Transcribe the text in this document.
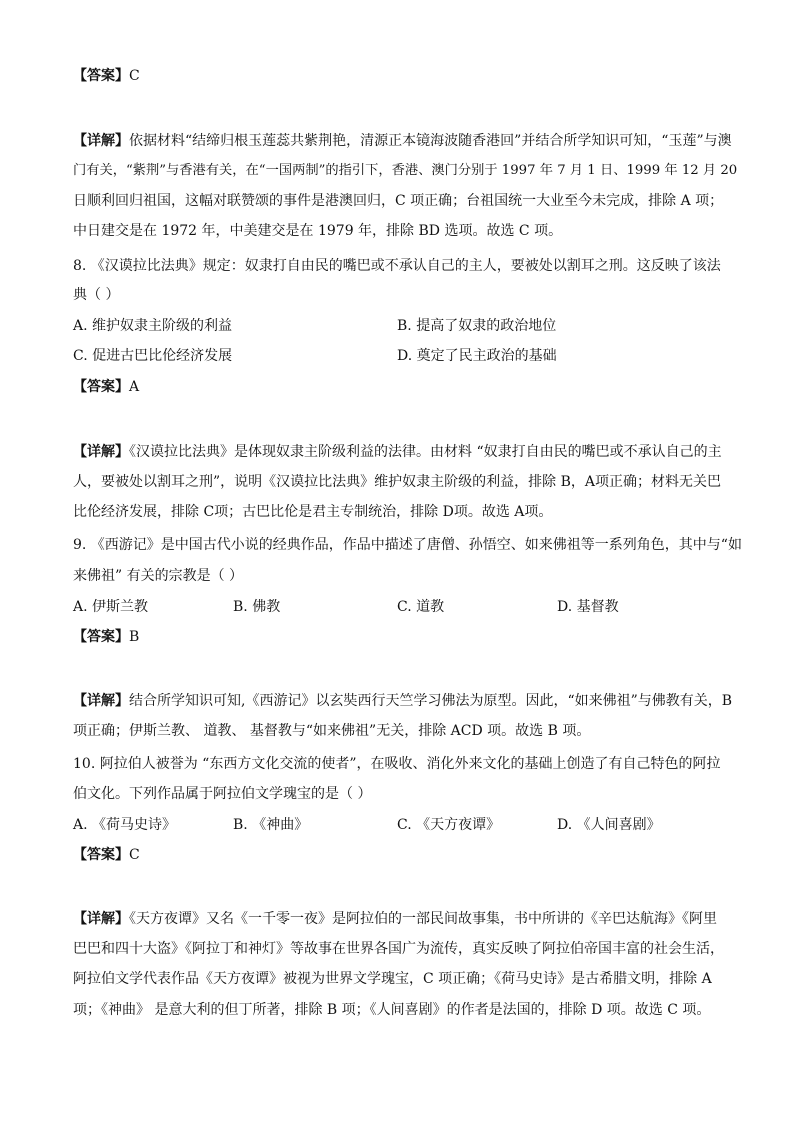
【答案】C
【详解】依据材料“结缔归根玉莲蕊共紫荆艳，清源正本镜海波随香港回”并结合所学知识可知，“玉莲”与澳
门有关，“紫荆”与香港有关，在“一国两制”的指引下，香港、澳门分别于 1997 年 7 月 1 日、1999 年 12 月 20
日顺利回归祖国，这幅对联赞颂的事件是港澳回归，C 项正确；台祖国统一大业至今未完成，排除 A 项；
中日建交是在 1972 年，中美建交是在 1979 年，排除 BD 选项。故选 C 项。
8. 《汉谟拉比法典》规定：奴隶打自由民的嘴巴或不承认自己的主人，要被处以割耳之刑。这反映了该法
典（ ）
A. 维护奴隶主阶级的利益	B. 提高了奴隶的政治地位
C. 促进古巴比伦经济发展	D. 奠定了民主政治的基础
【答案】A
【详解】《汉谟拉比法典》是体现奴隶主阶级利益的法律。由材料 “奴隶打自由民的嘴巴或不承认自己的主
人，要被处以割耳之刑”，说明《汉谟拉比法典》维护奴隶主阶级的利益，排除 B，A项正确；材料无关巴
比伦经济发展，排除 C项；古巴比伦是君主专制统治，排除 D项。故选 A项。
9. 《西游记》是中国古代小说的经典作品，作品中描述了唐僧、孙悟空、如来佛祖等一系列角色，其中与“如
来佛祖” 有关的宗教是（ ）
A. 伊斯兰教	B. 佛教	C. 道教	D. 基督教
【答案】B
【详解】结合所学知识可知,《西游记》以玄奘西行天竺学习佛法为原型。因此，“如来佛祖”与佛教有关，B
项正确；伊斯兰教、 道教、 基督教与“如来佛祖”无关，排除 ACD 项。故选 B 项。
10. 阿拉伯人被誉为 “东西方文化交流的使者”，在吸收、消化外来文化的基础上创造了有自己特色的阿拉
伯文化。下列作品属于阿拉伯文学瑰宝的是（ ）
A. 《荷马史诗》	B. 《神曲》	C. 《天方夜谭》	D. 《人间喜剧》
【答案】C
【详解】《天方夜谭》又名《一千零一夜》是阿拉伯的一部民间故事集，书中所讲的《辛巴达航海》《阿里
巴巴和四十大盗》《阿拉丁和神灯》等故事在世界各国广为流传，真实反映了阿拉伯帝国丰富的社会生活，
阿拉伯文学代表作品《天方夜谭》被视为世界文学瑰宝，C 项正确；《荷马史诗》是古希腊文明，排除 A
项；《神曲》 是意大利的但丁所著，排除 B 项；《人间喜剧》的作者是法国的，排除 D 项。故选 C 项。
